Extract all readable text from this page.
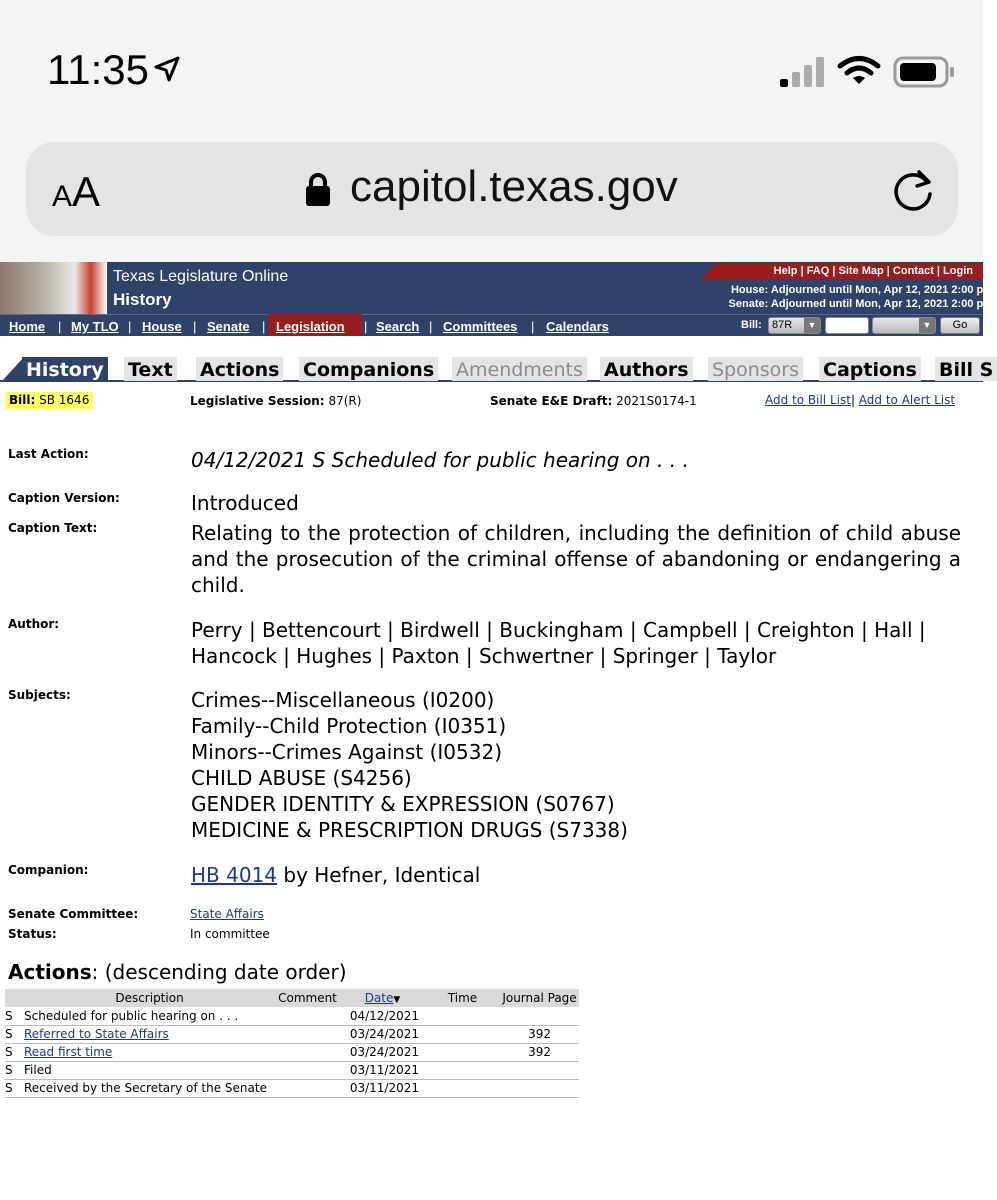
11:35
AA	capitol.texas.gov
Texas Legislature Online
History
Help | FAQ | Site Map | Contact | Login
House: Adjourned until Mon, Apr 12, 2021 2:00 pm
Senate: Adjourned until Mon, Apr 12, 2021 2:00 pm
Home | My TLO | House | Senate | Legislation | Search | Committees | Calendars	Bill: 87R	▼	▼	Go
History Text Actions Companions Amendments Authors Sponsors Captions Bill S
Bill: SB 1646	Legislative Session: 87(R)	Senate E&E Draft: 2021S0174-1	Add to Bill List| Add to Alert List
Last Action:	04/12/2021 S Scheduled for public hearing on . . .
Caption Version:	Introduced
Caption Text:	Relating to the protection of children, including the definition of child abuse and the prosecution of the criminal offense of abandoning or endangering a child.
Author:	Perry | Bettencourt | Birdwell | Buckingham | Campbell | Creighton | Hall |
Hancock | Hughes | Paxton | Schwertner | Springer | Taylor
Subjects:	Crimes--Miscellaneous (I0200)
Family--Child Protection (I0351)
Minors--Crimes Against (I0532)
CHILD ABUSE (S4256)
GENDER IDENTITY & EXPRESSION (S0767)
MEDICINE & PRESCRIPTION DRUGS (S7338)
Companion:	HB 4014 by Hefner, Identical
Senate Committee:	State Affairs
Status:	In committee
Actions: (descending date order)
	Description	Comment	Date▼	Time	Journal Page
S	Scheduled for public hearing on . . .		04/12/2021		
S	Referred to State Affairs		03/24/2021		392
S	Read first time		03/24/2021		392
S	Filed		03/11/2021		
S	Received by the Secretary of the Senate		03/11/2021		
